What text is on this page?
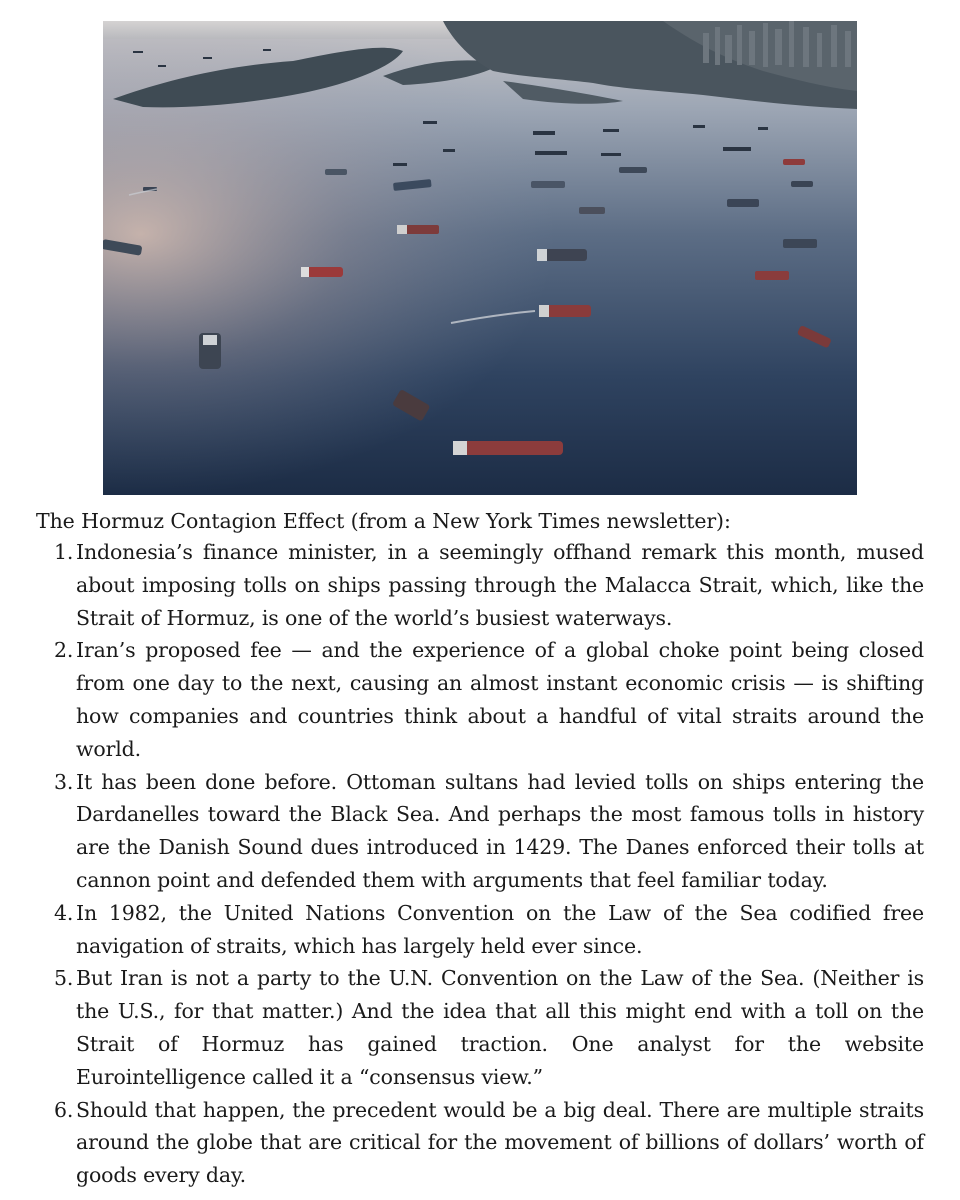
The Hormuz Contagion Effect (from a New York Times newsletter):
1. Indonesia’s finance minister, in a seemingly offhand remark this month, mused about imposing tolls on ships passing through the Malacca Strait, which, like the Strait of Hormuz, is one of the world’s busiest waterways.
2. Iran’s proposed fee — and the experience of a global choke point being closed from one day to the next, causing an almost instant economic crisis — is shifting how companies and countries think about a handful of vital straits around the world.
3. It has been done before. Ottoman sultans had levied tolls on ships entering the Dardanelles toward the Black Sea. And perhaps the most famous tolls in history are the Danish Sound dues introduced in 1429. The Danes enforced their tolls at cannon point and defended them with arguments that feel familiar today.
4. In 1982, the United Nations Convention on the Law of the Sea codified free navigation of straits, which has largely held ever since.
5. But Iran is not a party to the U.N. Convention on the Law of the Sea. (Neither is the U.S., for that matter.) And the idea that all this might end with a toll on the Strait of Hormuz has gained traction. One analyst for the website Eurointelligence called it a “consensus view.”
6. Should that happen, the precedent would be a big deal. There are multiple straits around the globe that are critical for the movement of billions of dollars’ worth of goods every day.
